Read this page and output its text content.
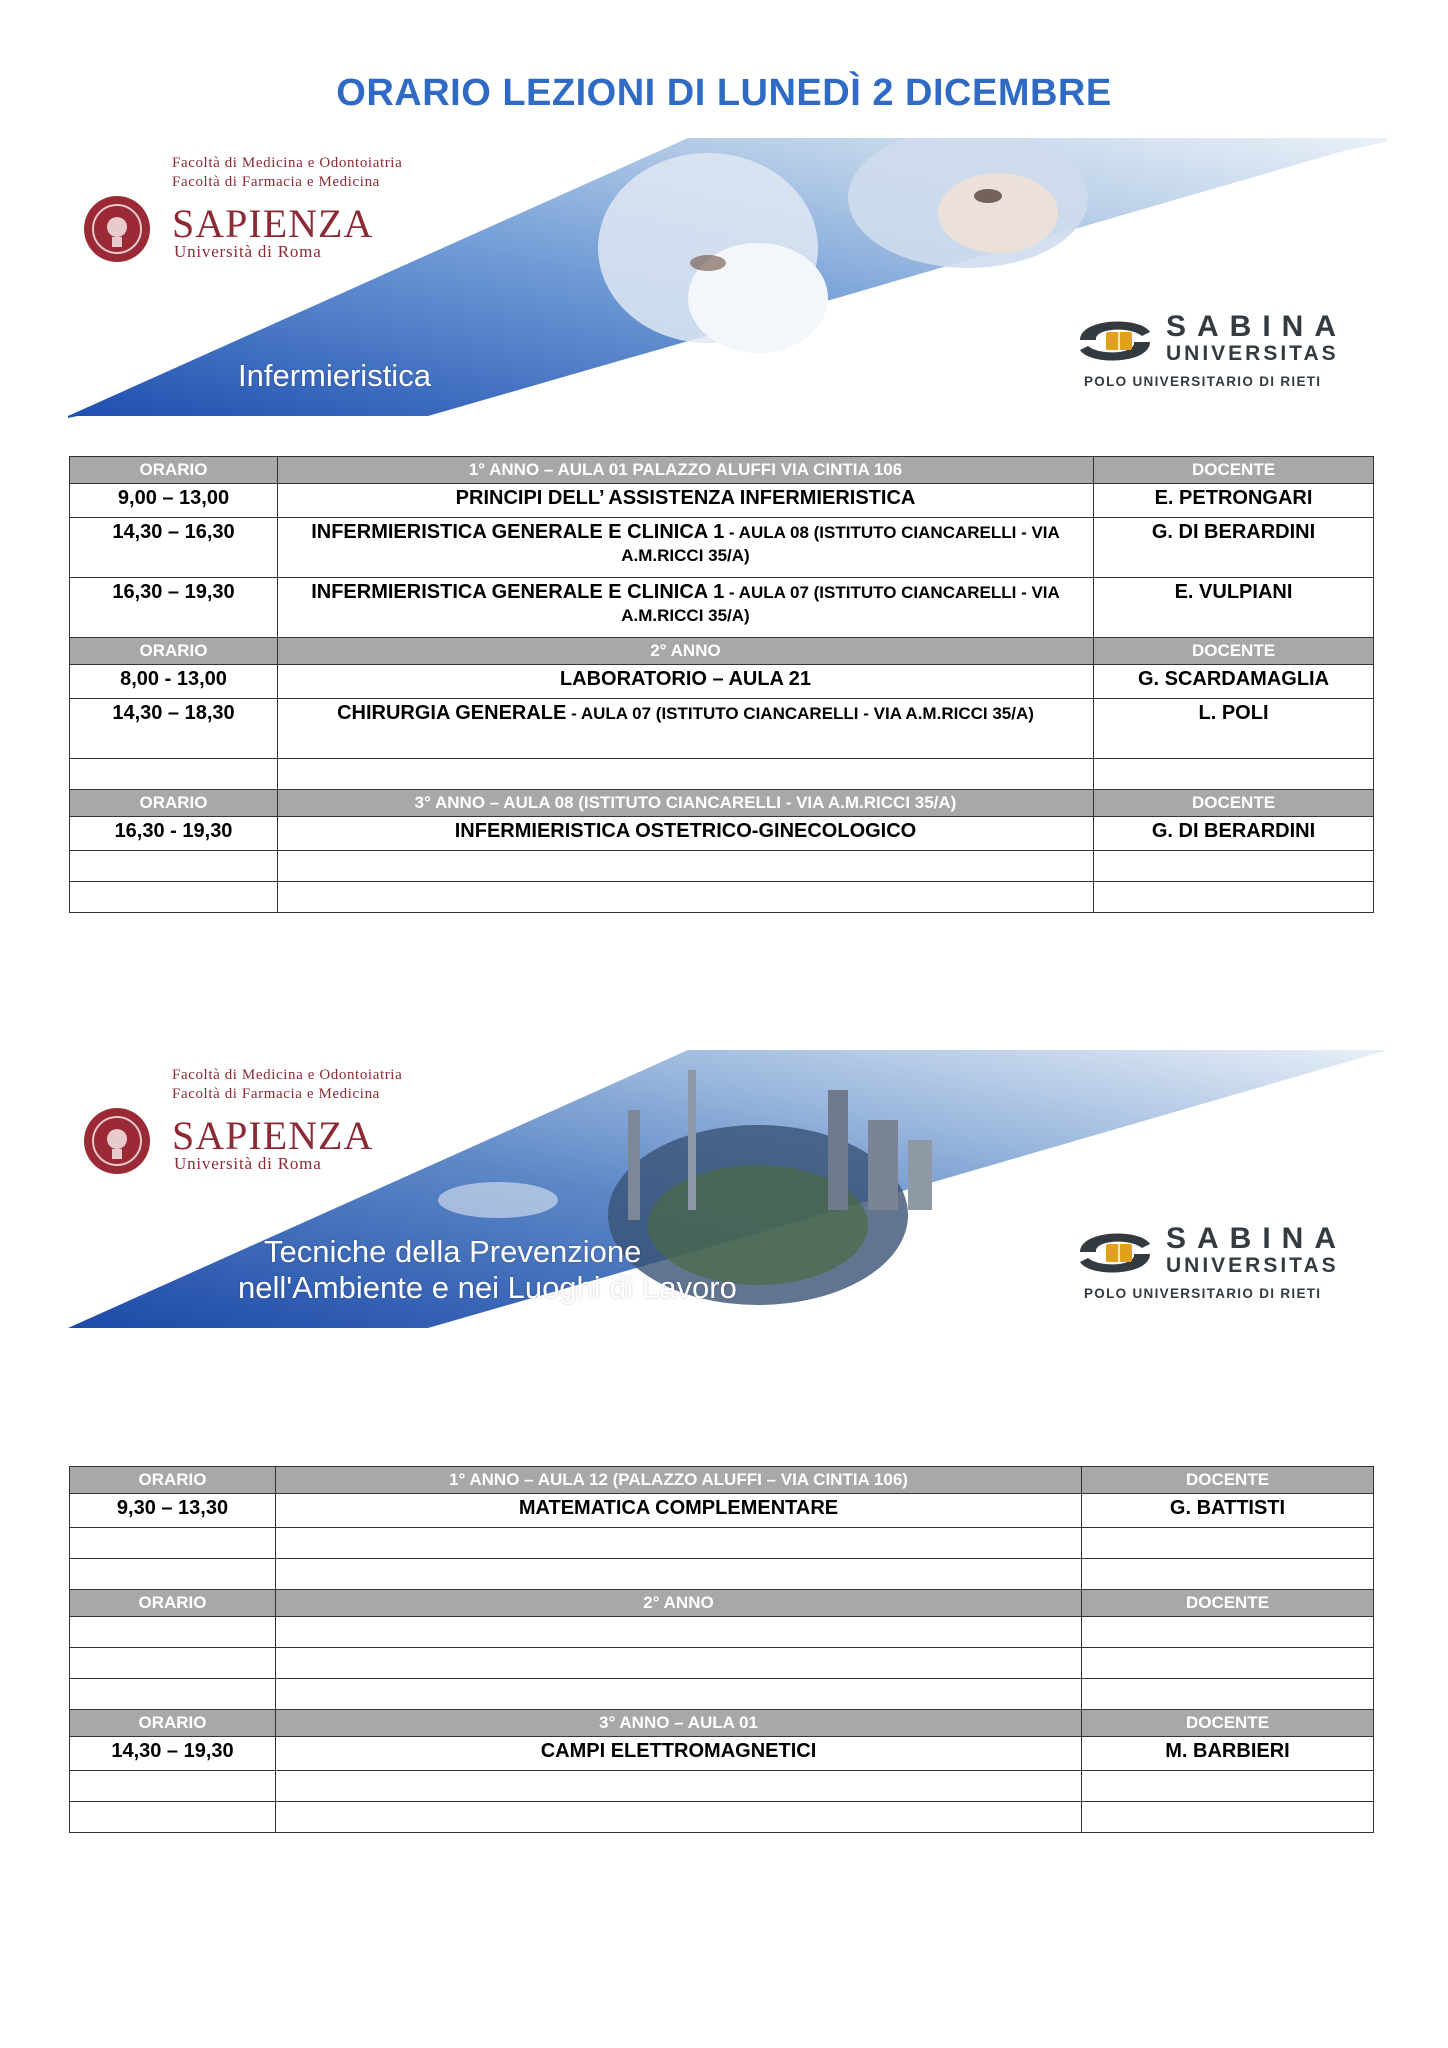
ORARIO LEZIONI DI LUNEDÌ 2 DICEMBRE
Facoltà di Medicina e Odontoiatria
Facoltà di Farmacia e Medicina
SAPIENZA
Università di Roma
Infermieristica
SABINA
UNIVERSITAS
POLO UNIVERSITARIO DI RIETI
ORARIO	1° ANNO – AULA 01 PALAZZO ALUFFI VIA CINTIA 106	DOCENTE
9,00 – 13,00	PRINCIPI DELL’ ASSISTENZA INFERMIERISTICA	E. PETRONGARI
14,30 – 16,30	INFERMIERISTICA GENERALE E CLINICA 1 - AULA 08 (ISTITUTO CIANCARELLI - VIA A.M.RICCI 35/A)	G. DI BERARDINI
16,30 – 19,30	INFERMIERISTICA GENERALE E CLINICA 1 - AULA 07 (ISTITUTO CIANCARELLI - VIA A.M.RICCI 35/A)	E. VULPIANI
ORARIO	2° ANNO	DOCENTE
8,00 - 13,00	LABORATORIO – AULA 21	G. SCARDAMAGLIA
14,30 – 18,30	CHIRURGIA GENERALE - AULA 07 (ISTITUTO CIANCARELLI - VIA A.M.RICCI 35/A)	L. POLI

ORARIO	3° ANNO – AULA 08 (ISTITUTO CIANCARELLI - VIA A.M.RICCI 35/A)	DOCENTE
16,30 - 19,30	INFERMIERISTICA OSTETRICO-GINECOLOGICO	G. DI BERARDINI

Facoltà di Medicina e Odontoiatria
Facoltà di Farmacia e Medicina
SAPIENZA
Università di Roma
Tecniche della Prevenzione
nell'Ambiente e nei Luoghi di Lavoro
SABINA
UNIVERSITAS
POLO UNIVERSITARIO DI RIETI
ORARIO	1° ANNO – AULA 12 (PALAZZO ALUFFI – VIA CINTIA 106)	DOCENTE
9,30 – 13,30	MATEMATICA COMPLEMENTARE	G. BATTISTI

ORARIO	2° ANNO	DOCENTE

ORARIO	3° ANNO – AULA 01	DOCENTE
14,30 – 19,30	CAMPI ELETTROMAGNETICI	M. BARBIERI
